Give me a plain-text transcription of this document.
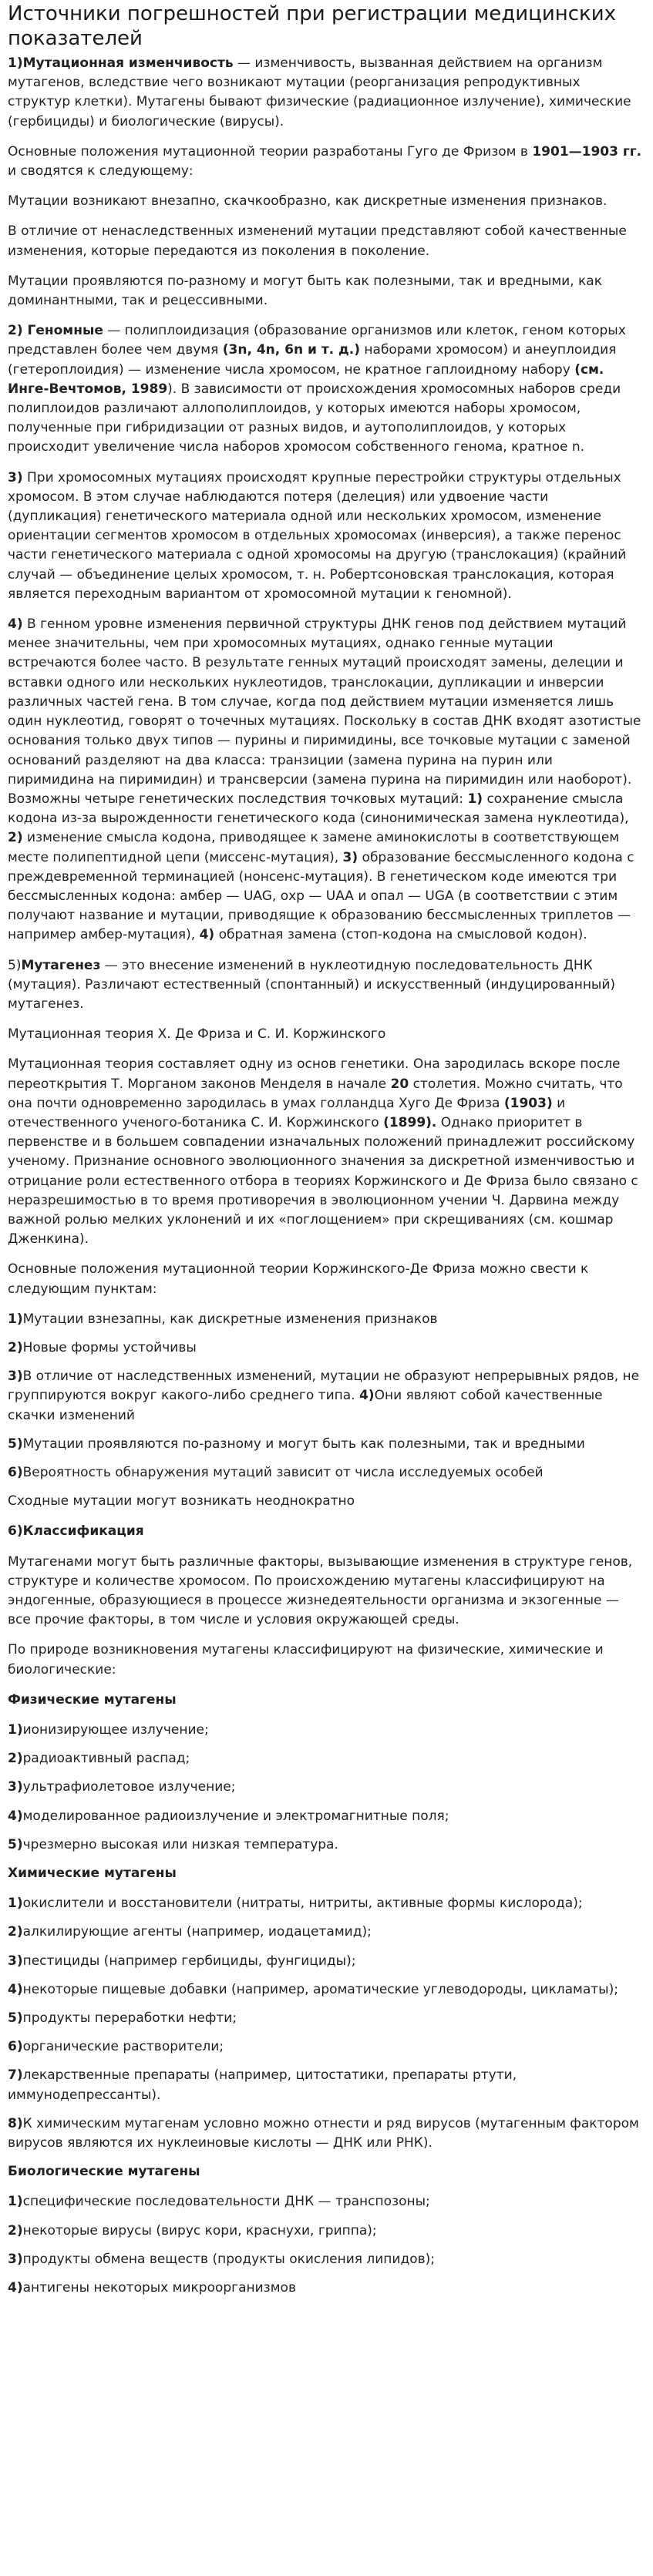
Источники погрешностей при регистрации медицинских показателей
1)Мутационная изменчивость — изменчивость, вызванная действием на организм мутагенов, вследствие чего возникают мутации (реорганизация репродуктивных структур клетки). Мутагены бывают физические (радиационное излучение), химические (гербициды) и биологические (вирусы).
Основные положения мутационной теории разработаны Гуго де Фризом в 1901—1903 гг. и сводятся к следующему:
Мутации возникают внезапно, скачкообразно, как дискретные изменения признаков.
В отличие от ненаследственных изменений мутации представляют собой качественные изменения, которые передаются из поколения в поколение.
Мутации проявляются по-разному и могут быть как полезными, так и вредными, как доминантными, так и рецессивными.
2) Геномные — полиплоидизация (образование организмов или клеток, геном которых представлен более чем двумя (3n, 4n, 6n и т. д.) наборами хромосом) и анеуплоидия (гетероплоидия) — изменение числа хромосом, не кратное гаплоидному набору (см. Инге-Вечтомов, 1989). В зависимости от происхождения хромосомных наборов среди полиплоидов различают аллополиплоидов, у которых имеются наборы хромосом, полученные при гибридизации от разных видов, и аутополиплоидов, у которых происходит увеличение числа наборов хромосом собственного генома, кратное n.
3) При хромосомных мутациях происходят крупные перестройки структуры отдельных хромосом. В этом случае наблюдаются потеря (делеция) или удвоение части (дупликация) генетического материала одной или нескольких хромосом, изменение ориентации сегментов хромосом в отдельных хромосомах (инверсия), а также перенос части генетического материала с одной хромосомы на другую (транслокация) (крайний случай — объединение целых хромосом, т. н. Робертсоновская транслокация, которая является переходным вариантом от хромосомной мутации к геномной).
4) В генном уровне изменения первичной структуры ДНК генов под действием мутаций менее значительны, чем при хромосомных мутациях, однако генные мутации встречаются более часто. В результате генных мутаций происходят замены, делеции и вставки одного или нескольких нуклеотидов, транслокации, дупликации и инверсии различных частей гена. В том случае, когда под действием мутации изменяется лишь один нуклеотид, говорят о точечных мутациях. Поскольку в состав ДНК входят азотистые основания только двух типов — пурины и пиримидины, все точковые мутации с заменой оснований разделяют на два класса: транзиции (замена пурина на пурин или пиримидина на пиримидин) и трансверсии (замена пурина на пиримидин или наоборот). Возможны четыре генетических последствия точковых мутаций: 1) сохранение смысла кодона из-за вырожденности генетического кода (синонимическая замена нуклеотида), 2) изменение смысла кодона, приводящее к замене аминокислоты в соответствующем месте полипептидной цепи (миссенс-мутация), 3) образование бессмысленного кодона с преждевременной терминацией (нонсенс-мутация). В генетическом коде имеются три бессмысленных кодона: амбер — UAG, охр — UAA и опал — UGA (в соответствии с этим получают название и мутации, приводящие к образованию бессмысленных триплетов — например амбер-мутация), 4) обратная замена (стоп-кодона на смысловой кодон).
5)Мутагенез — это внесение изменений в нуклеотидную последовательность ДНК (мутация). Различают естественный (спонтанный) и искусственный (индуцированный) мутагенез.
Мутационная теория Х. Де Фриза и С. И. Коржинского
Мутационная теория составляет одну из основ генетики. Она зародилась вскоре после переоткрытия Т. Морганом законов Менделя в начале 20 столетия. Можно считать, что она почти одновременно зародилась в умах голландца Хуго Де Фриза (1903) и отечественного ученого-ботаника С. И. Коржинского (1899). Однако приоритет в первенстве и в большем совпадении изначальных положений принадлежит российскому ученому. Признание основного эволюционного значения за дискретной изменчивостью и отрицание роли естественного отбора в теориях Коржинского и Де Фриза было связано с неразрешимостью в то время противоречия в эволюционном учении Ч. Дарвина между важной ролью мелких уклонений и их «поглощением» при скрещиваниях (см. кошмар Дженкина).
Основные положения мутационной теории Коржинского-Де Фриза можно свести к следующим пунктам:
1)Мутации взнезапны, как дискретные изменения признаков
2)Новые формы устойчивы
3)В отличие от наследственных изменений, мутации не образуют непрерывных рядов, не группируются вокруг какого-либо среднего типа. 4)Они являют собой качественные скачки изменений
5)Мутации проявляются по-разному и могут быть как полезными, так и вредными
6)Вероятность обнаружения мутаций зависит от числа исследуемых особей
Сходные мутации могут возникать неоднократно
6)Классификация
Мутагенами могут быть различные факторы, вызывающие изменения в структуре генов, структуре и количестве хромосом. По происхождению мутагены классифицируют на эндогенные, образующиеся в процессе жизнедеятельности организма и экзогенные — все прочие факторы, в том числе и условия окружающей среды.
По природе возникновения мутагены классифицируют на физические, химические и биологические:
Физические мутагены
1)ионизирующее излучение;
2)радиоактивный распад;
3)ультрафиолетовое излучение;
4)моделированное радиоизлучение и электромагнитные поля;
5)чрезмерно высокая или низкая температура.
Химические мутагены
1)окислители и восстановители (нитраты, нитриты, активные формы кислорода);
2)алкилирующие агенты (например, иодацетамид);
3)пестициды (например гербициды, фунгициды);
4)некоторые пищевые добавки (например, ароматические углеводороды, цикламаты);
5)продукты переработки нефти;
6)органические растворители;
7)лекарственные препараты (например, цитостатики, препараты ртути, иммунодепрессанты).
8)К химическим мутагенам условно можно отнести и ряд вирусов (мутагенным фактором вирусов являются их нуклеиновые кислоты — ДНК или РНК).
Биологические мутагены
1)специфические последовательности ДНК — транспозоны;
2)некоторые вирусы (вирус кори, краснухи, гриппа);
3)продукты обмена веществ (продукты окисления липидов);
4)антигены некоторых микроорганизмов
